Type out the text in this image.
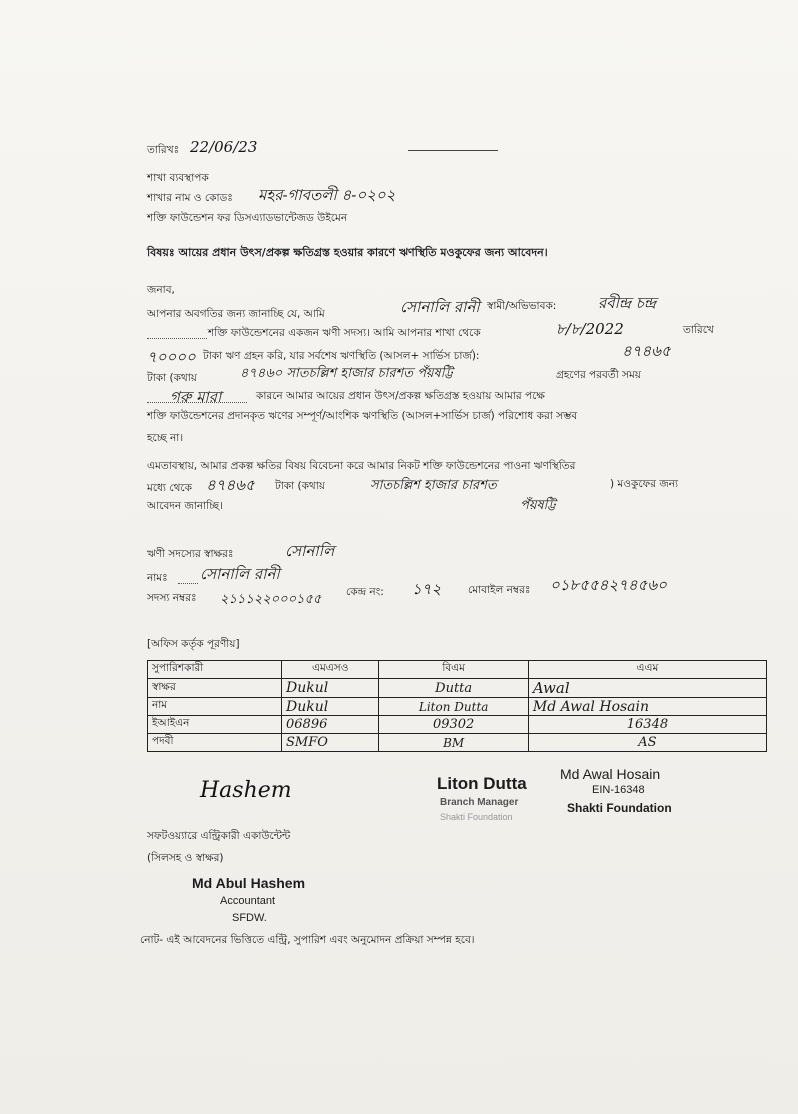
তারিখঃ 22/06/23
শাখা ব্যবস্থাপক
শাখার নাম ও কোডঃ মহর-গাবতলী ৪-০২০২
শক্তি ফাউন্ডেশন ফর ডিসএ্যাডভান্টেজড উইমেন
বিষয়ঃ আয়ের প্রধান উৎস/প্রকল্প ক্ষতিগ্রস্ত হওয়ার কারণে ঋণস্থিতি মওকুফের জন্য আবেদন।
জনাব,
আপনার অবগতির জন্য জানাচ্ছি যে, আমি	সোনালি রানী স্বামী/অভিভাবক:	রবীন্দ্র চন্দ্র
শক্তি ফাউন্ডেশনের একজন ঋণী সদস্য। আমি আপনার শাখা থেকে	৮/৮/2022	তারিখে
৭০০০০ টাকা ঋণ গ্রহন করি, যার সর্বশেষ ঋণস্থিতি (আসল+ সার্ভিস চার্জ):	৪৭৪৬৫
টাকা (কথায়	৪৭৪৬০ সাতচল্লিশ হাজার চারশত পঁয়ষট্টি	গ্রহণের পরবর্তী সময়
গরু মারা	কারনে আমার আয়ের প্রধান উৎস/প্রকল্প ক্ষতিগ্রস্ত হওয়ায় আমার পক্ষে
শক্তি ফাউন্ডেশনের প্রদানকৃত ঋণের সম্পূর্ণ/আংশিক ঋণস্থিতি (আসল+সার্ভিস চার্জ) পরিশোধ করা সম্ভব
হচ্ছে না।
এমতাবস্থায়, আমার প্রকল্প ক্ষতির বিষয় বিবেচনা করে আমার নিকট শক্তি ফাউন্ডেশনের পাওনা ঋণস্থিতির
মধ্যে থেকে ৪৭৪৬৫ টাকা (কথায়	সাতচল্লিশ হাজার চারশত	) মওকুফের জন্য
পঁয়ষট্টি
আবেদন জানাচ্ছি।
ঋণী সদস্যের স্বাক্ষরঃ	সোনালি
নামঃ সোনালি রানী
সদস্য নম্বরঃ ২১১১২২০০০১৫৫ কেন্দ্র নং: ১৭২	মোবাইল নম্বরঃ ০১৮৫৫৪২৭৪৫৬০
[অফিস কর্তৃক পূরণীয়]
সুপারিশকারী	এমএসও	বিএম	এএম
স্বাক্ষর	Dukul	Dutta	Awal
নাম	Dukul	Liton Dutta	Md Awal Hosain
ইআইএন	06896	09302	16348
পদবী	SMFO	BM	AS
Liton Dutta
Branch Manager
Shakti Foundation
Md Awal Hosain
EIN-16348
Shakti Foundation
Hashem
সফটওয়্যারে এন্ট্রিকারী একাউন্টেন্ট
(সিলসহ ও স্বাক্ষর)
Md Abul Hashem
Accountant
SFDW.
নোট- এই আবেদনের ভিত্তিতে এন্ট্রি, সুপারিশ এবং অনুমোদন প্রক্রিয়া সম্পন্ন হবে।
